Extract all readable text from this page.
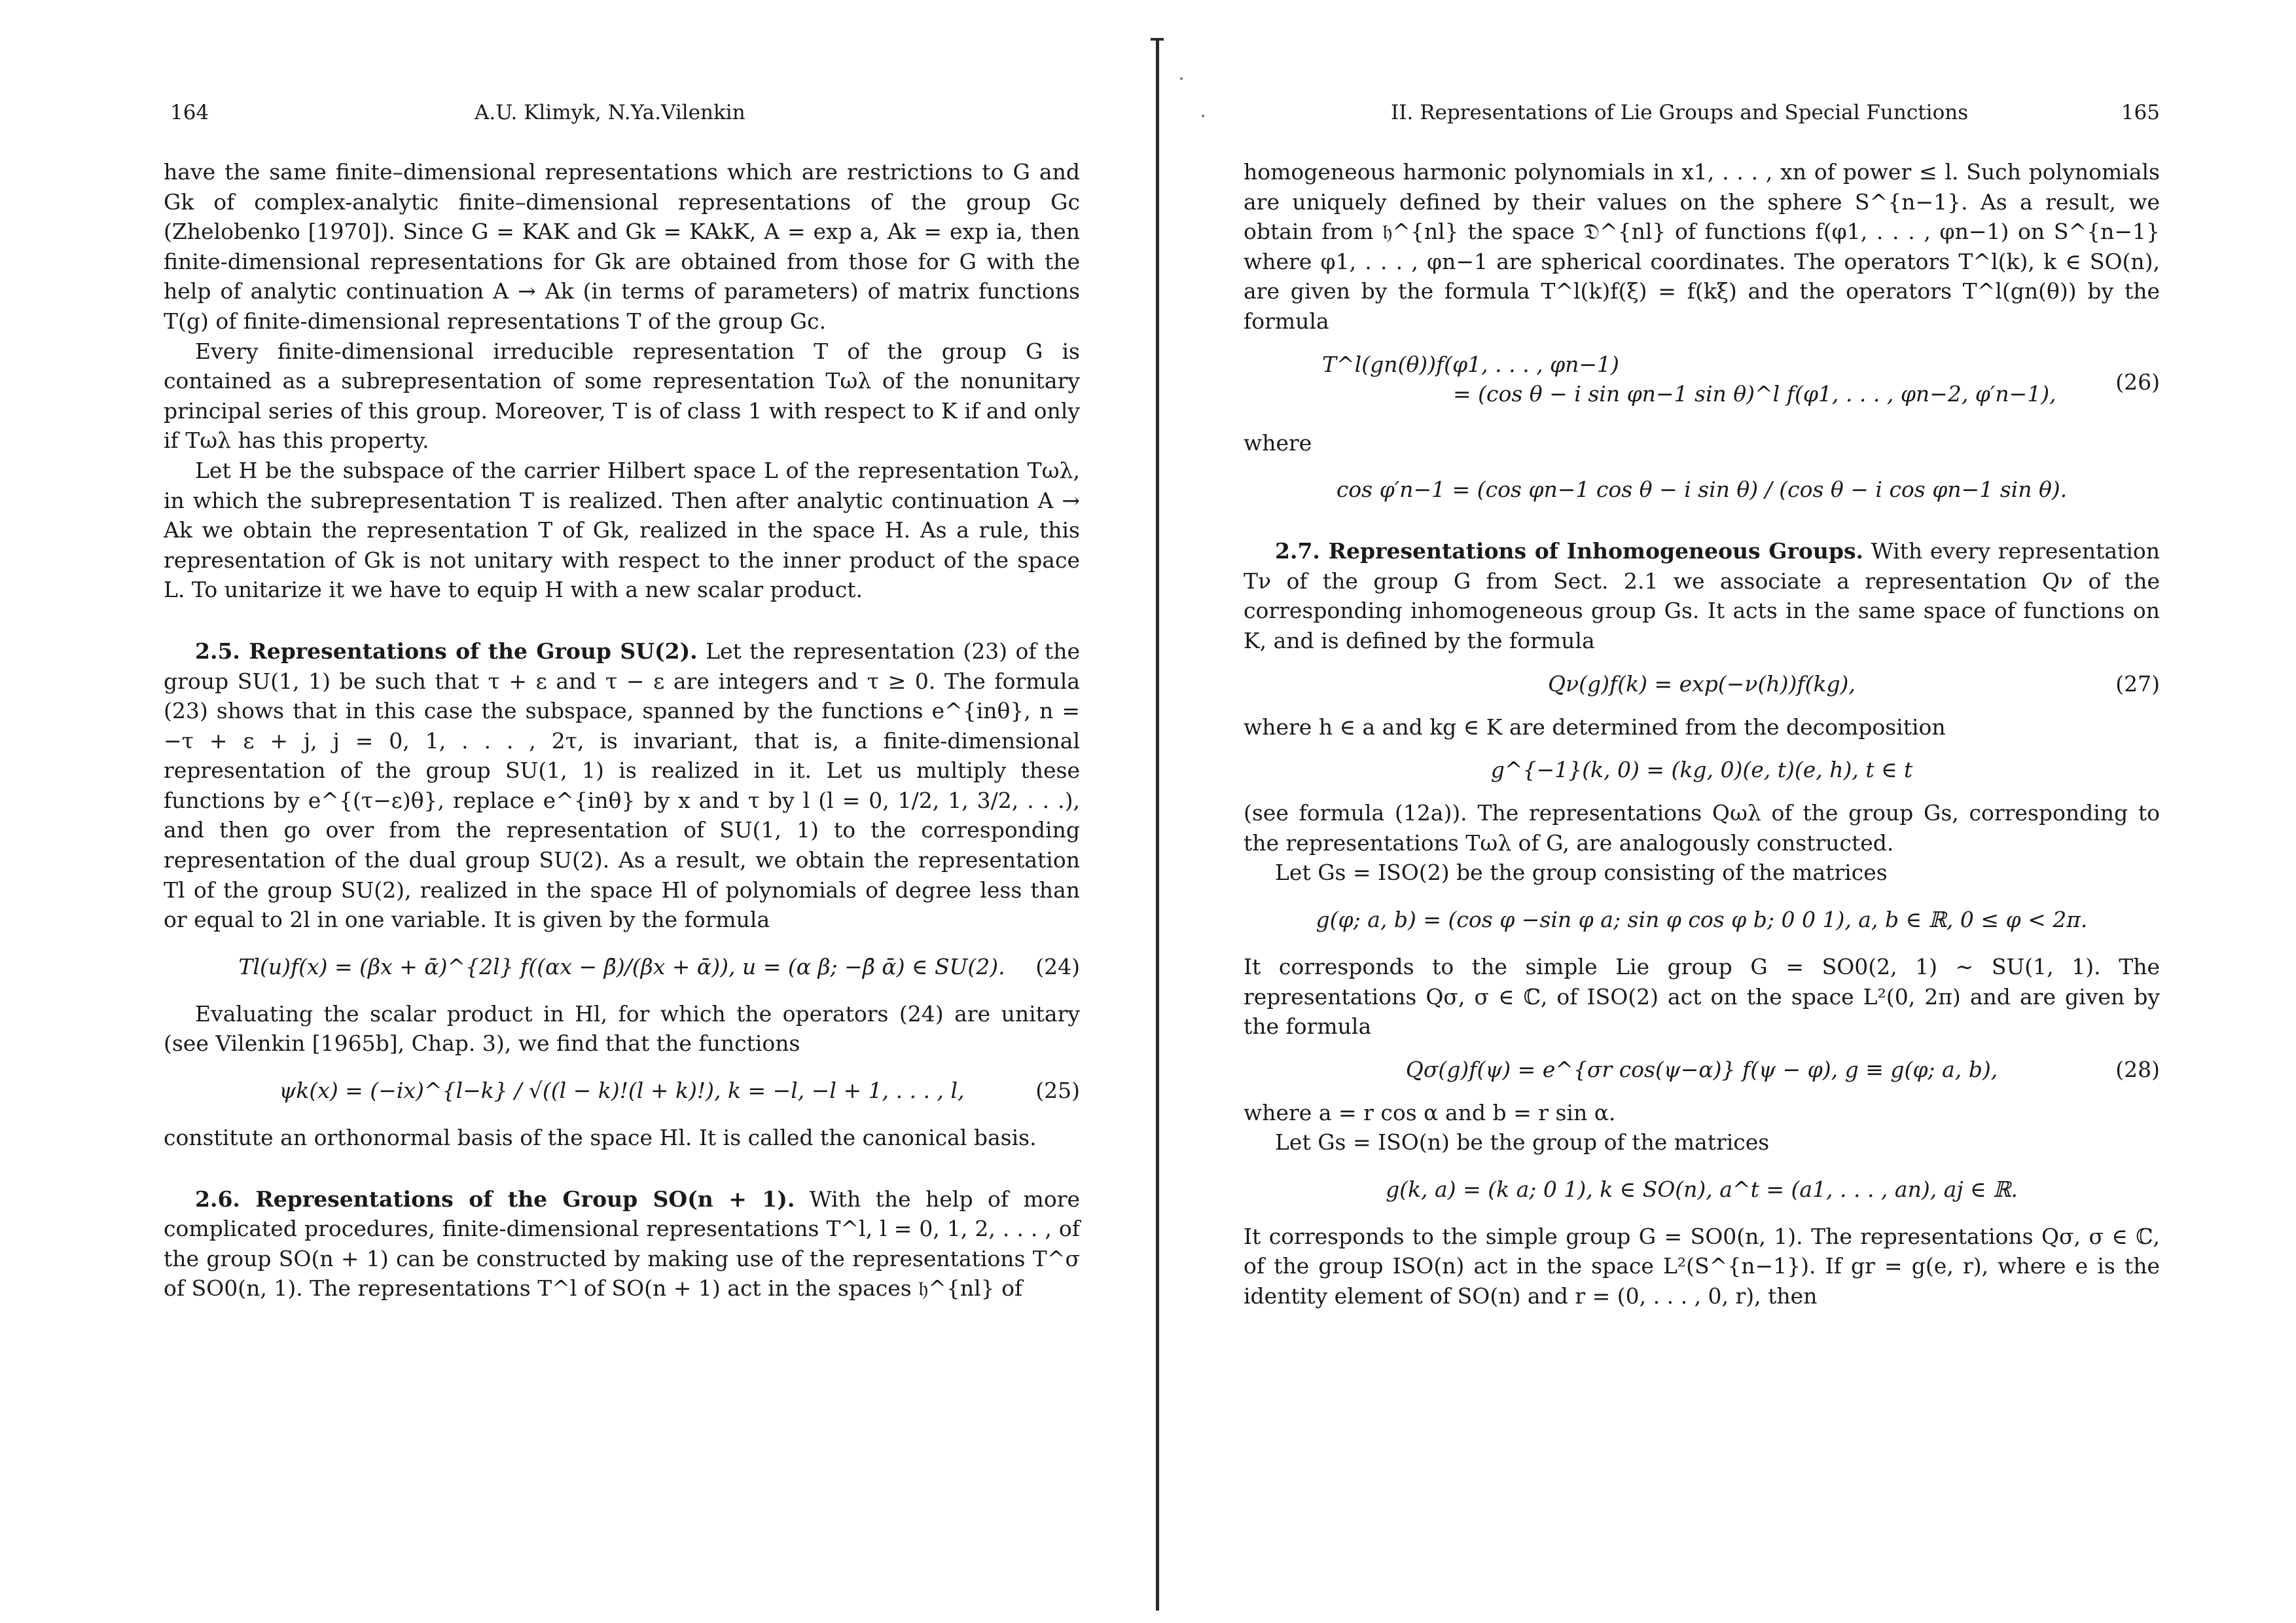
164	A.U. Klimyk, N.Ya.Vilenkin

have the same finite–dimensional representations which are restrictions to G and Gk of complex-analytic finite–dimensional representations of the group Gc (Zhelobenko [1970]). Since G = KAK and Gk = KAkK, A = exp a, Ak = exp ia, then finite-dimensional representations for Gk are obtained from those for G with the help of analytic continuation A → Ak (in terms of parameters) of matrix functions T(g) of finite-dimensional representations T of the group Gc.

Every finite-dimensional irreducible representation T of the group G is contained as a subrepresentation of some representation Tωλ of the nonunitary principal series of this group. Moreover, T is of class 1 with respect to K if and only if Tωλ has this property.

Let H be the subspace of the carrier Hilbert space L of the representation Tωλ, in which the subrepresentation T is realized. Then after analytic continuation A → Ak we obtain the representation T of Gk, realized in the space H. As a rule, this representation of Gk is not unitary with respect to the inner product of the space L. To unitarize it we have to equip H with a new scalar product.

2.5. Representations of the Group SU(2). Let the representation (23) of the group SU(1, 1) be such that τ + ε and τ − ε are integers and τ ≥ 0. The formula (23) shows that in this case the subspace, spanned by the functions e^{inθ}, n = −τ + ε + j, j = 0, 1, . . . , 2τ, is invariant, that is, a finite-dimensional representation of the group SU(1, 1) is realized in it. Let us multiply these functions by e^{(τ−ε)θ}, replace e^{inθ} by x and τ by l (l = 0, 1/2, 1, 3/2, . . .), and then go over from the representation of SU(1, 1) to the corresponding representation of the dual group SU(2). As a result, we obtain the representation Tl of the group SU(2), realized in the space Hl of polynomials of degree less than or equal to 2l in one variable. It is given by the formula

Tl(u)f(x) = (βx + ᾱ)^{2l} f((αx − β̄)/(βx + ᾱ)), u = (α β; −β̄ ᾱ) ∈ SU(2). (24)

Evaluating the scalar product in Hl, for which the operators (24) are unitary (see Vilenkin [1965b], Chap. 3), we find that the functions

ψk(x) = (−ix)^{l−k} / √((l − k)!(l + k)!), k = −l, −l + 1, . . . , l,	(25)

constitute an orthonormal basis of the space Hl. It is called the canonical basis.

2.6. Representations of the Group SO(n + 1). With the help of more complicated procedures, finite-dimensional representations T^l, l = 0, 1, 2, . . . , of the group SO(n + 1) can be constructed by making use of the representations T^σ of SO0(n, 1). The representations T^l of SO(n + 1) act in the spaces 𝔥^{nl} of

II. Representations of Lie Groups and Special Functions	165

homogeneous harmonic polynomials in x1, . . . , xn of power ≤ l. Such polynomials are uniquely defined by their values on the sphere S^{n−1}. As a result, we obtain from 𝔥^{nl} the space 𝔇^{nl} of functions f(φ1, . . . , φn−1) on S^{n−1} where φ1, . . . , φn−1 are spherical coordinates. The operators T^l(k), k ∈ SO(n), are given by the formula T^l(k)f(ξ) = f(kξ) and the operators T^l(gn(θ)) by the formula

T^l(gn(θ))f(φ1, . . . , φn−1)
= (cos θ − i sin φn−1 sin θ)^l f(φ1, . . . , φn−2, φ′n−1),	(26)

where

cos φ′n−1 = (cos φn−1 cos θ − i sin θ) / (cos θ − i cos φn−1 sin θ).

2.7. Representations of Inhomogeneous Groups. With every representation Tν of the group G from Sect. 2.1 we associate a representation Qν of the corresponding inhomogeneous group Gs. It acts in the same space of functions on K, and is defined by the formula

Qν(g)f(k) = exp(−ν(h))f(kg),	(27)

where h ∈ a and kg ∈ K are determined from the decomposition

g^{−1}(k, 0) = (kg, 0)(e, t)(e, h), t ∈ t

(see formula (12a)). The representations Qωλ of the group Gs, corresponding to the representations Tωλ of G, are analogously constructed.

Let Gs = ISO(2) be the group consisting of the matrices

g(φ; a, b) = (cos φ −sin φ a; sin φ cos φ b; 0 0 1), a, b ∈ ℝ, 0 ≤ φ < 2π.

It corresponds to the simple Lie group G = SO0(2, 1) ∼ SU(1, 1). The representations Qσ, σ ∈ ℂ, of ISO(2) act on the space L²(0, 2π) and are given by the formula

Qσ(g)f(ψ) = e^{σr cos(ψ−α)} f(ψ − φ), g ≡ g(φ; a, b),	(28)

where a = r cos α and b = r sin α.

Let Gs = ISO(n) be the group of the matrices

g(k, a) = (k a; 0 1), k ∈ SO(n), a^t = (a1, . . . , an), aj ∈ ℝ.

It corresponds to the simple group G = SO0(n, 1). The representations Qσ, σ ∈ ℂ, of the group ISO(n) act in the space L²(S^{n−1}). If gr = g(e, r), where e is the identity element of SO(n) and r = (0, . . . , 0, r), then
